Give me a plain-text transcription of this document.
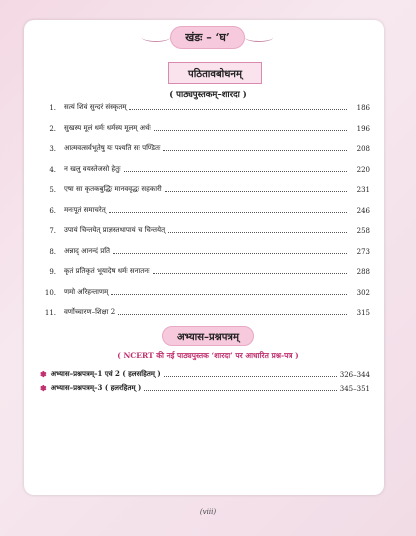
खंडः – ‘घ’
पठितावबोधनम्
( पाठ्यपुस्तकम्–शारदा )
1. सत्यं शिवं सुन्दरं संस्कृतम्	186
2. सुखस्य मूलं धर्मः धर्मस्य मूलम् अर्थः	196
3. आत्मवत्सर्वभूतेषु यः पश्यति सः पण्डितः	208
4. न खलु वयस्तेजसो हेतुः	220
5. एषा सा कृतकबुद्धिः मानववृद्धः सहकारी	231
6. मनःपूतं समाचरेत्	246
7. उपायं चिन्तयेत् प्राज्ञस्तथापायं च चिन्तयेत्	258
8. अन्नाद् आनन्दं प्रति	273
9. कृतं प्रतिकृतं भूयादेष धर्मः सनातनः	288
10. णमो अरिहन्ताणम्	302
11. वर्णोच्चारण–शिक्षा 2	315
अभ्यास–प्रश्नपत्रम्
( NCERT की नई पाठ्यपुस्तक ‘शारदा’ पर आधारित प्रश्न-पत्र )
✽ अभ्यास–प्रश्नपत्रम्–1 एवं 2 ( हलसहितम् )	326–344
✽ अभ्यास–प्रश्नपत्रम्–3 ( हलरहितम् )	345–351
(viii)
